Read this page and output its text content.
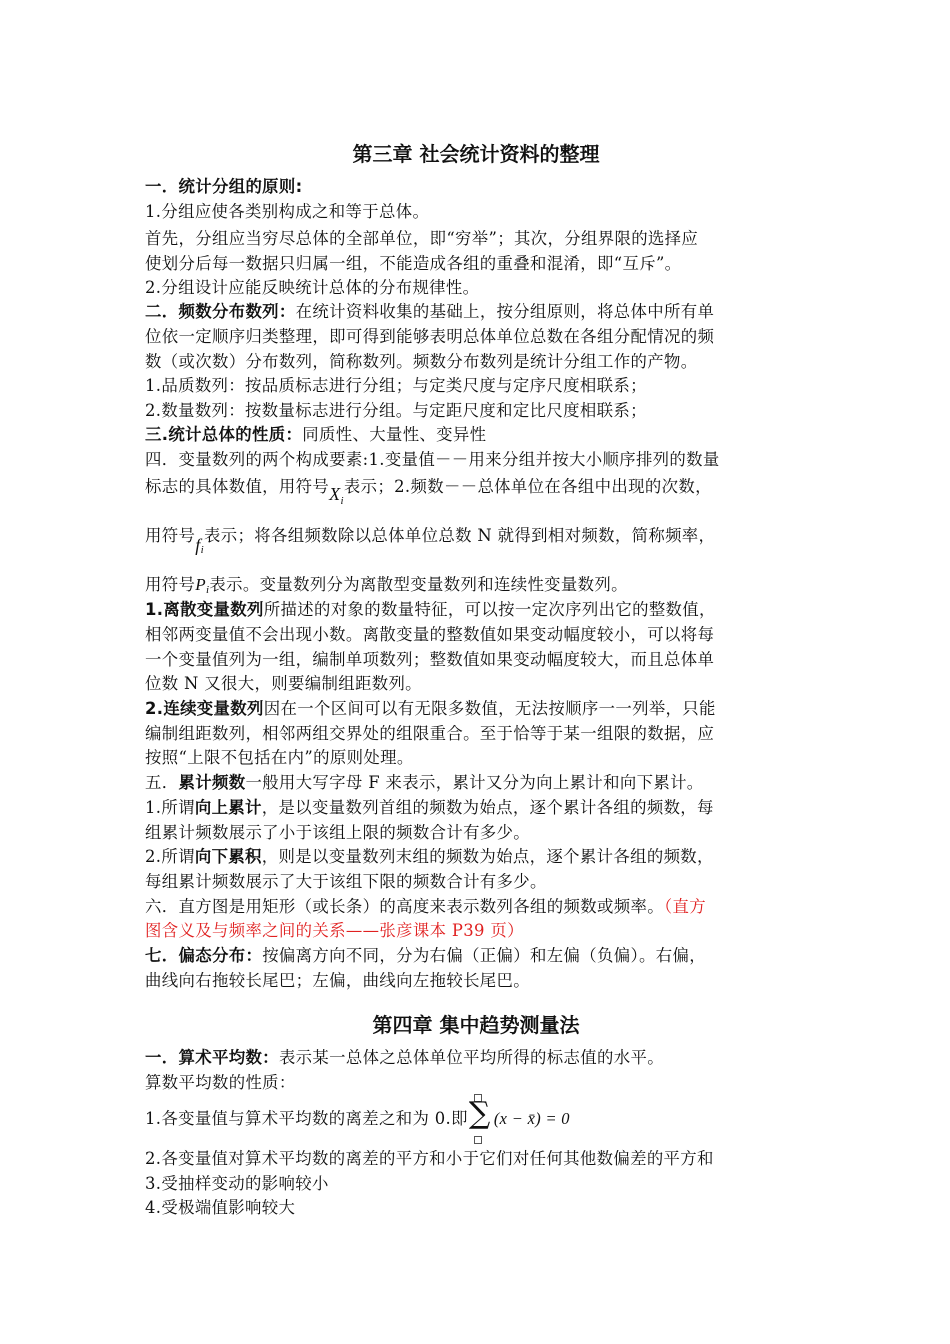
第三章 社会统计资料的整理
一．统计分组的原则:
1.分组应使各类别构成之和等于总体。
首先，分组应当穷尽总体的全部单位，即“穷举”；其次，分组界限的选择应
使划分后每一数据只归属一组，不能造成各组的重叠和混淆，即“互斥”。
2.分组设计应能反映统计总体的分布规律性。
二．频数分布数列：在统计资料收集的基础上，按分组原则，将总体中所有单
位依一定顺序归类整理，即可得到能够表明总体单位总数在各组分配情况的频
数（或次数）分布数列，简称数列。频数分布数列是统计分组工作的产物。
1.品质数列：按品质标志进行分组；与定类尺度与定序尺度相联系；
2.数量数列：按数量标志进行分组。与定距尺度和定比尺度相联系；
三.统计总体的性质：同质性、大量性、变异性
四．变量数列的两个构成要素:1.变量值－－用来分组并按大小顺序排列的数量
标志的具体数值，用符号$X_i$表示；2.频数－－总体单位在各组中出现的次数，
用符号$f_i$表示；将各组频数除以总体单位总数 N 就得到相对频数，简称频率，
用符号Pi表示。变量数列分为离散型变量数列和连续性变量数列。
1.离散变量数列所描述的对象的数量特征，可以按一定次序列出它的整数值，
相邻两变量值不会出现小数。离散变量的整数值如果变动幅度较小，可以将每
一个变量值列为一组，编制单项数列；整数值如果变动幅度较大，而且总体单
位数 N 又很大，则要编制组距数列。
2.连续变量数列因在一个区间可以有无限多数值，无法按顺序一一列举，只能
编制组距数列，相邻两组交界处的组限重合。至于恰等于某一组限的数据，应
按照“上限不包括在内”的原则处理。
五．累计频数一般用大写字母 F 来表示，累计又分为向上累计和向下累计。
1.所谓向上累计，是以变量数列首组的频数为始点，逐个累计各组的频数，每
组累计频数展示了小于该组上限的频数合计有多少。
2.所谓向下累积，则是以变量数列末组的频数为始点，逐个累计各组的频数，
每组累计频数展示了大于该组下限的频数合计有多少。
六．直方图是用矩形（或长条）的高度来表示数列各组的频数或频率。（直方
图含义及与频率之间的关系——张彦课本 P39 页）
七．偏态分布：按偏离方向不同，分为右偏（正偏）和左偏（负偏）。右偏，
曲线向右拖较长尾巴；左偏，曲线向左拖较长尾巴。
第四章 集中趋势测量法
一．算术平均数：表示某一总体之总体单位平均所得的标志值的水平。
算数平均数的性质：
1.各变量值与算术平均数的离差之和为 0.即 ∑ (x − x̄) = 0
2.各变量值对算术平均数的离差的平方和小于它们对任何其他数偏差的平方和
3.受抽样变动的影响较小
4.受极端值影响较大
